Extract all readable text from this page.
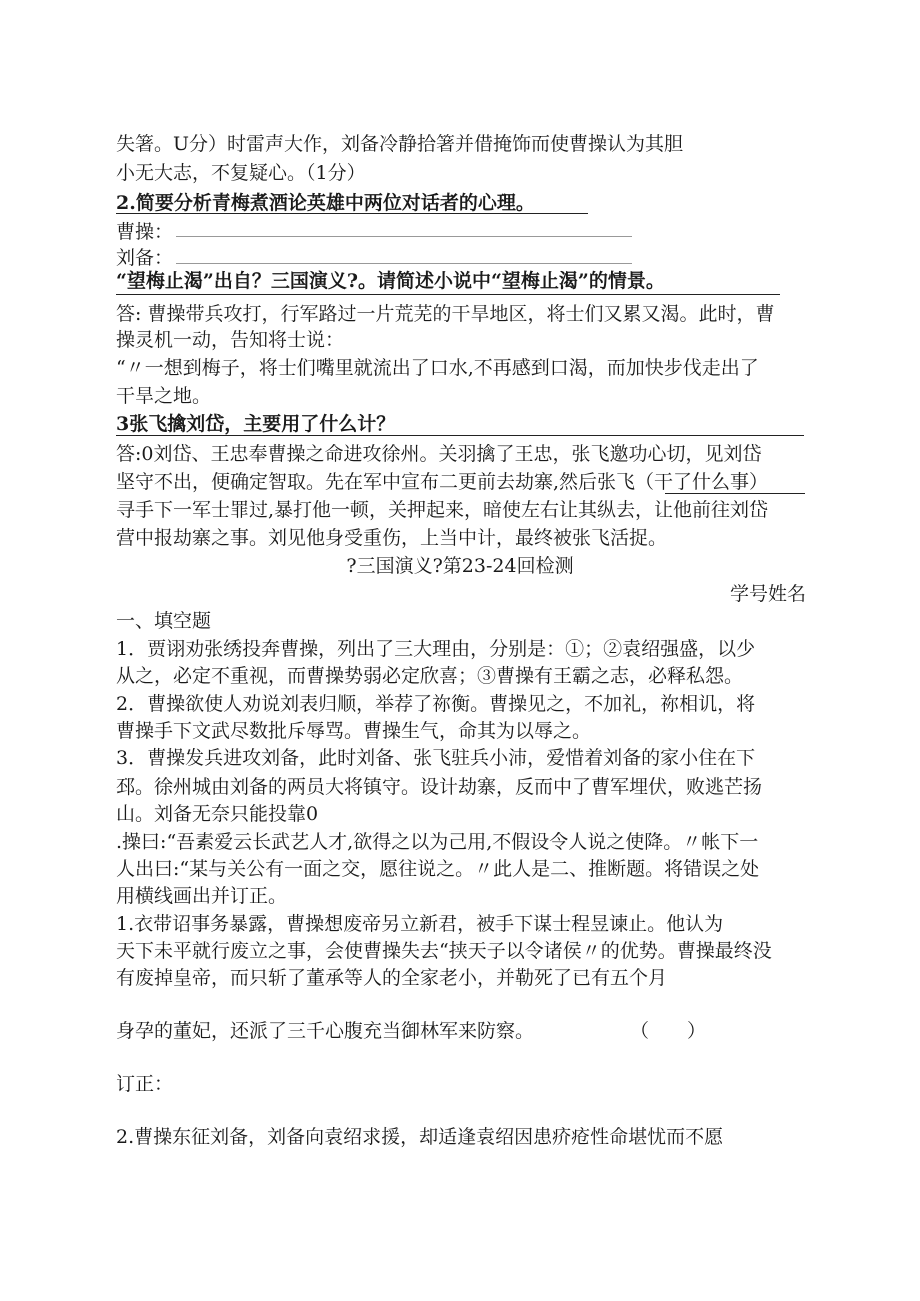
失箸。U分）时雷声大作，刘备冷静拾箸并借掩饰而使曹操认为其胆
小无大志，不复疑心。（1分）
2.简要分析青梅煮酒论英雄中两位对话者的心理。
曹操：
刘备：
“望梅止渴”出自？三国演义?。请简述小说中“望梅止渴”的情景。
答: 曹操带兵攻打，行军路过一片荒芜的干旱地区，将士们又累又渴。此时，曹
操灵机一动，告知将士说：
“〃一想到梅子，将士们嘴里就流出了口水,不再感到口渴，而加快步伐走出了
干旱之地。
3张飞擒刘岱，主要用了什么计？
答:0刘岱、王忠奉曹操之命进攻徐州。关羽擒了王忠，张飞邀功心切，见刘岱
坚守不出，便确定智取。先在军中宣布二更前去劫寨,然后张飞（干了什么事）
寻手下一军士罪过,暴打他一顿，关押起来，暗使左右让其纵去，让他前往刘岱
营中报劫寨之事。刘见他身受重伤，上当中计，最终被张飞活捉。
?三国演义?第23-24回检测
学号姓名
一、填空题
1．贾诩劝张绣投奔曹操，列出了三大理由，分别是：①；②袁绍强盛，以少
从之，必定不重视，而曹操势弱必定欣喜；③曹操有王霸之志，必释私怨。
2．曹操欲使人劝说刘表归顺，举荐了祢衡。曹操见之，不加礼，祢相讥，将
曹操手下文武尽数批斥辱骂。曹操生气，命其为以辱之。
3．曹操发兵进攻刘备，此时刘备、张飞驻兵小沛，爱惜着刘备的家小住在下
邳。徐州城由刘备的两员大将镇守。设计劫寨，反而中了曹军埋伏，败逃芒扬
山。刘备无奈只能投靠0
.操曰:“吾素爱云长武艺人才,欲得之以为己用,不假设令人说之使降。〃帐下一
人出曰:“某与关公有一面之交，愿往说之。〃此人是二、推断题。将错误之处
用横线画出并订正。
1.衣带诏事务暴露，曹操想废帝另立新君，被手下谋士程昱谏止。他认为
天下未平就行废立之事，会使曹操失去“挟天子以令诸侯〃的优势。曹操最终没
有废掉皇帝，而只斩了董承等人的全家老小，并勒死了已有五个月
身孕的董妃，还派了三千心腹充当御林军来防察。	（　　）
订正：
2.曹操东征刘备，刘备向袁绍求援，却适逢袁绍因患疥疮性命堪忧而不愿
